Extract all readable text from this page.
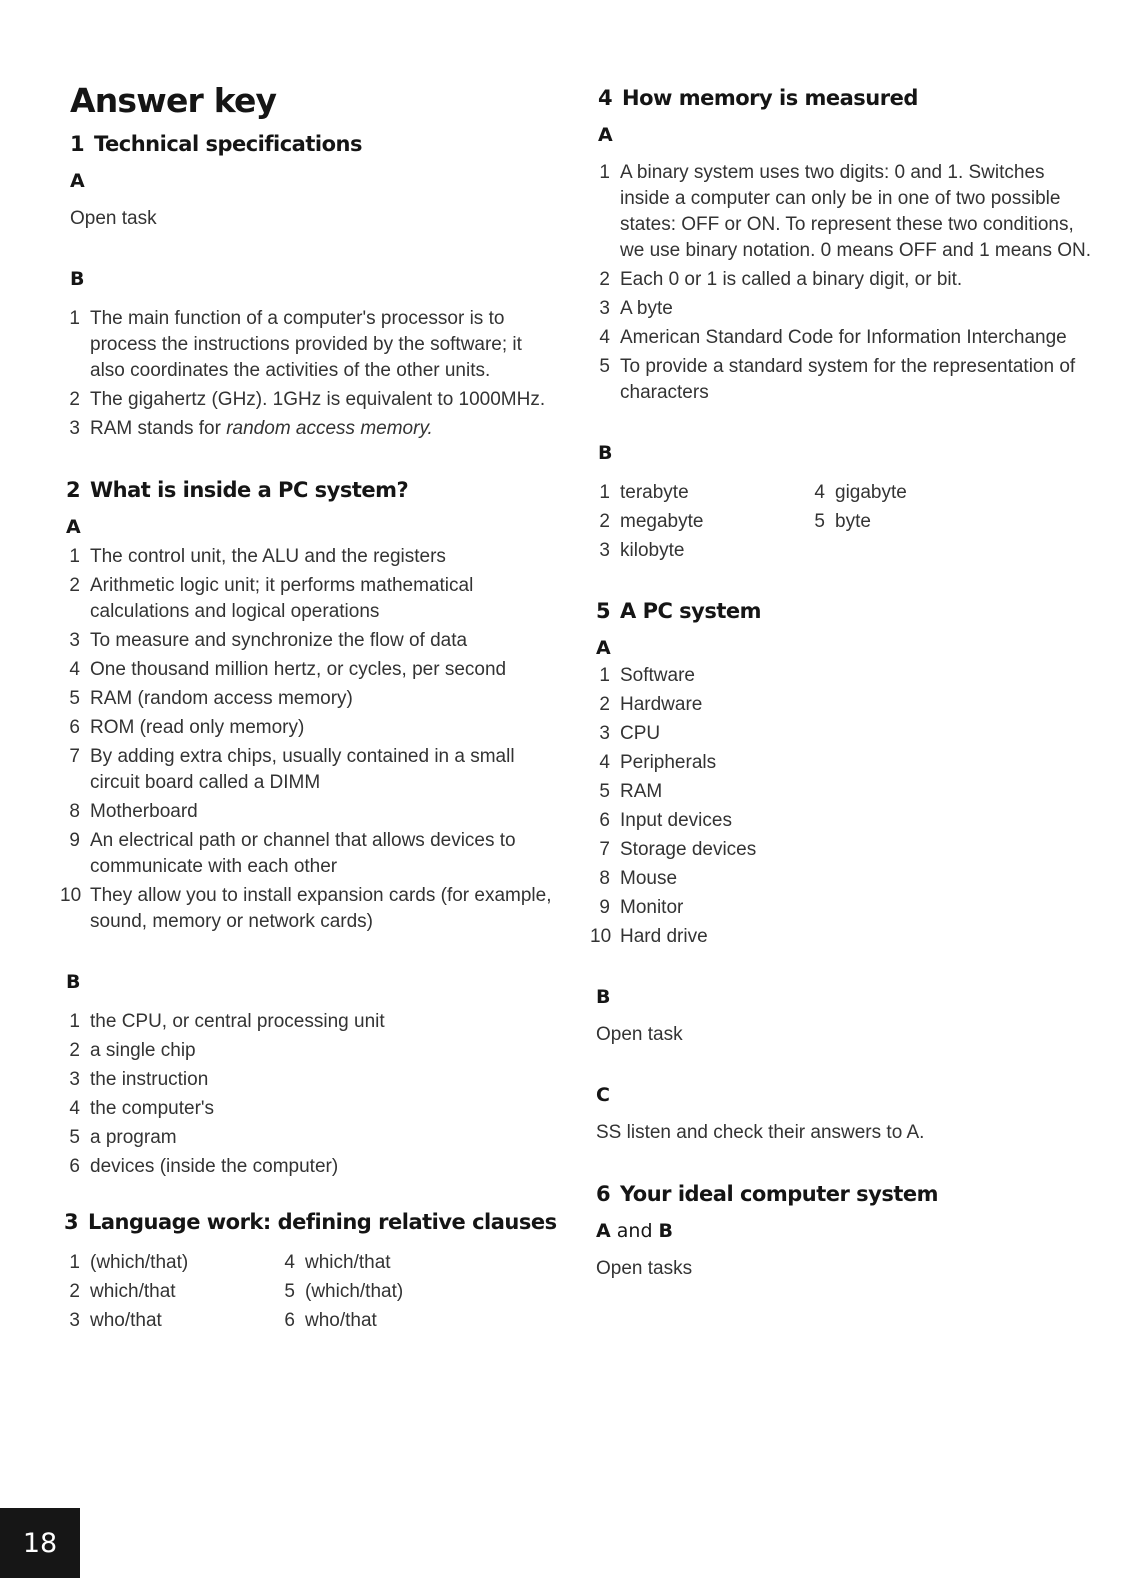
Answer key

1 Technical specifications

A

Open task

B

1 The main function of a computer's processor is to process the instructions provided by the software; it also coordinates the activities of the other units.
2 The gigahertz (GHz). 1GHz is equivalent to 1000MHz.
3 RAM stands for random access memory.

2 What is inside a PC system?

A

1 The control unit, the ALU and the registers
2 Arithmetic logic unit; it performs mathematical calculations and logical operations
3 To measure and synchronize the flow of data
4 One thousand million hertz, or cycles, per second
5 RAM (random access memory)
6 ROM (read only memory)
7 By adding extra chips, usually contained in a small circuit board called a DIMM
8 Motherboard
9 An electrical path or channel that allows devices to communicate with each other
10 They allow you to install expansion cards (for example, sound, memory or network cards)

B

1 the CPU, or central processing unit
2 a single chip
3 the instruction
4 the computer's
5 a program
6 devices (inside the computer)

3 Language work: defining relative clauses

1 (which/that)	4 which/that
2 which/that	5 (which/that)
3 who/that	6 who/that

4 How memory is measured

A

1 A binary system uses two digits: 0 and 1. Switches inside a computer can only be in one of two possible states: OFF or ON. To represent these two conditions, we use binary notation. 0 means OFF and 1 means ON.
2 Each 0 or 1 is called a binary digit, or bit.
3 A byte
4 American Standard Code for Information Interchange
5 To provide a standard system for the representation of characters

B

1 terabyte	4 gigabyte
2 megabyte	5 byte
3 kilobyte

5 A PC system

A

1 Software
2 Hardware
3 CPU
4 Peripherals
5 RAM
6 Input devices
7 Storage devices
8 Mouse
9 Monitor
10 Hard drive

B

Open task

C

SS listen and check their answers to A.

6 Your ideal computer system

A and B

Open tasks

18
